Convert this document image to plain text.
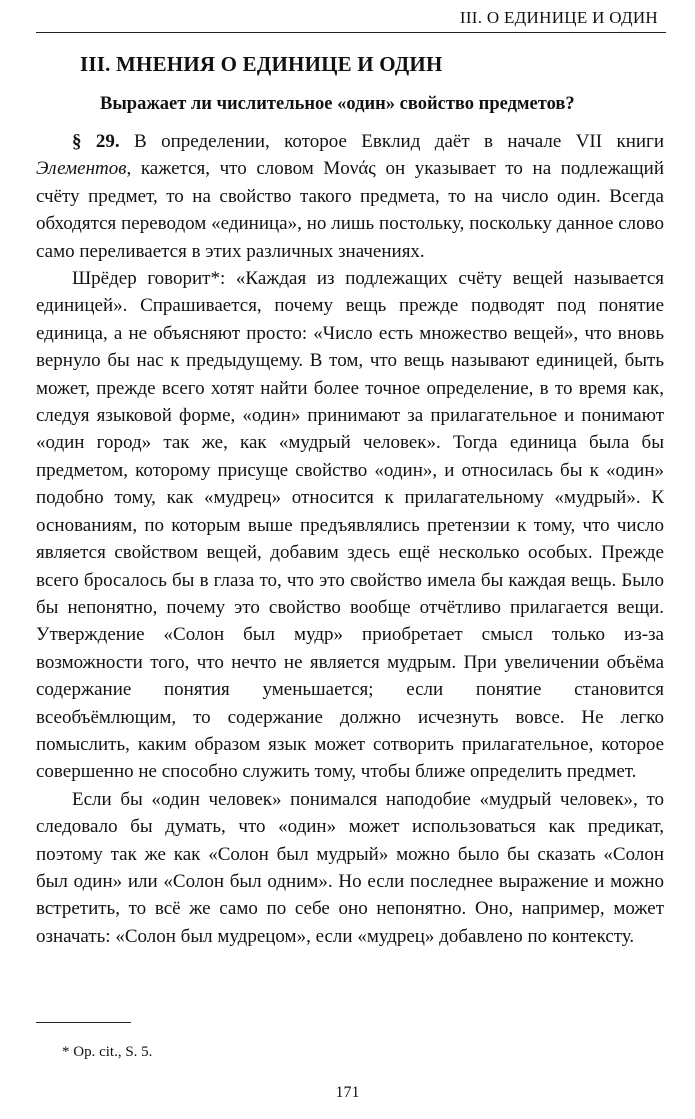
III. О ЕДИНИЦЕ И ОДИН
III. МНЕНИЯ О ЕДИНИЦЕ И ОДИН
Выражает ли числительное «один» свойство предметов?

§ 29. В определении, которое Евклид даёт в начале VII книги Элементов, кажется, что словом Μονάς он указывает то на подлежащий счёту предмет, то на свойство такого предмета, то на число один. Всегда обходятся переводом «единица», но лишь постольку, поскольку данное слово само переливается в этих различных значениях.

Шрёдер говорит*: «Каждая из подлежащих счёту вещей называется единицей». Спрашивается, почему вещь прежде подводят под понятие единица, а не объясняют просто: «Число есть множество вещей», что вновь вернуло бы нас к предыдущему. В том, что вещь называют единицей, быть может, прежде всего хотят найти более точное определение, в то время как, следуя языковой форме, «один» принимают за прилагательное и понимают «один город» так же, как «мудрый человек». Тогда единица была бы предметом, которому присуще свойство «один», и относилась бы к «один» подобно тому, как «мудрец» относится к прилагательному «мудрый». К основаниям, по которым выше предъявлялись претензии к тому, что число является свойством вещей, добавим здесь ещё несколько особых. Прежде всего бросалось бы в глаза то, что это свойство имела бы каждая вещь. Было бы непонятно, почему это свойство вообще отчётливо прилагается вещи. Утверждение «Солон был мудр» приобретает смысл только из-за возможности того, что нечто не является мудрым. При увеличении объёма содержание понятия уменьшается; если понятие становится всеобъёмлющим, то содержание должно исчезнуть вовсе. Не легко помыслить, каким образом язык может сотворить прилагательное, которое совершенно не способно служить тому, чтобы ближе определить предмет.

Если бы «один человек» понимался наподобие «мудрый человек», то следовало бы думать, что «один» может использоваться как предикат, поэтому так же как «Солон был мудрый» можно было бы сказать «Солон был один» или «Солон был одним». Но если последнее выражение и можно встретить, то всё же само по себе оно непонятно. Оно, например, может означать: «Солон был мудрецом», если «мудрец» добавлено по контексту.

* Op. cit., S. 5.
171
